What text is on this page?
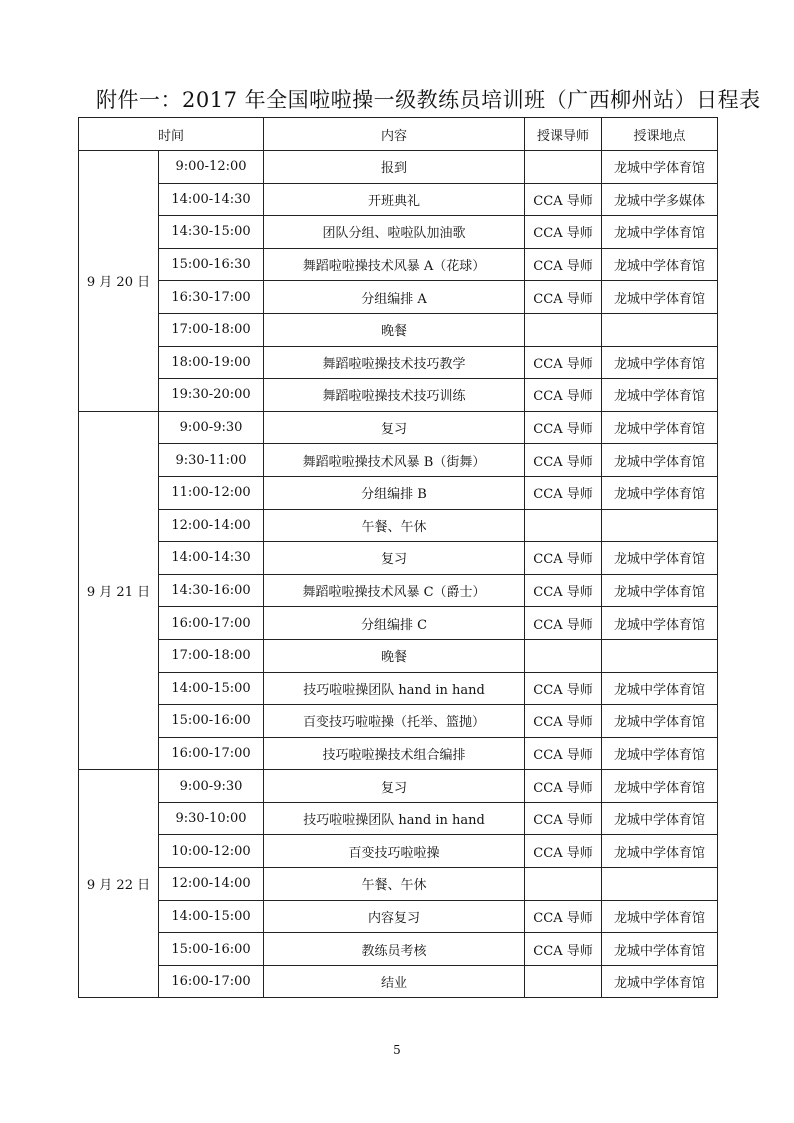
附件一：2017 年全国啦啦操一级教练员培训班（广西柳州站）日程表
时间		内容	授课导师	授课地点
9 月 20 日	9:00-12:00	报到		龙城中学体育馆
	14:00-14:30	开班典礼	CCA 导师	龙城中学多媒体
	14:30-15:00	团队分组、啦啦队加油歌	CCA 导师	龙城中学体育馆
	15:00-16:30	舞蹈啦啦操技术风暴 A（花球）	CCA 导师	龙城中学体育馆
	16:30-17:00	分组编排 A	CCA 导师	龙城中学体育馆
	17:00-18:00	晚餐		
	18:00-19:00	舞蹈啦啦操技术技巧教学	CCA 导师	龙城中学体育馆
	19:30-20:00	舞蹈啦啦操技术技巧训练	CCA 导师	龙城中学体育馆
9 月 21 日	9:00-9:30	复习	CCA 导师	龙城中学体育馆
	9:30-11:00	舞蹈啦啦操技术风暴 B（街舞）	CCA 导师	龙城中学体育馆
	11:00-12:00	分组编排 B	CCA 导师	龙城中学体育馆
	12:00-14:00	午餐、午休		
	14:00-14:30	复习	CCA 导师	龙城中学体育馆
	14:30-16:00	舞蹈啦啦操技术风暴 C（爵士）	CCA 导师	龙城中学体育馆
	16:00-17:00	分组编排 C	CCA 导师	龙城中学体育馆
	17:00-18:00	晚餐		
	14:00-15:00	技巧啦啦操团队 hand in hand	CCA 导师	龙城中学体育馆
	15:00-16:00	百变技巧啦啦操（托举、篮抛）	CCA 导师	龙城中学体育馆
	16:00-17:00	技巧啦啦操技术组合编排	CCA 导师	龙城中学体育馆
9 月 22 日	9:00-9:30	复习	CCA 导师	龙城中学体育馆
	9:30-10:00	技巧啦啦操团队 hand in hand	CCA 导师	龙城中学体育馆
	10:00-12:00	百变技巧啦啦操	CCA 导师	龙城中学体育馆
	12:00-14:00	午餐、午休		
	14:00-15:00	内容复习	CCA 导师	龙城中学体育馆
	15:00-16:00	教练员考核	CCA 导师	龙城中学体育馆
	16:00-17:00	结业		龙城中学体育馆
5
